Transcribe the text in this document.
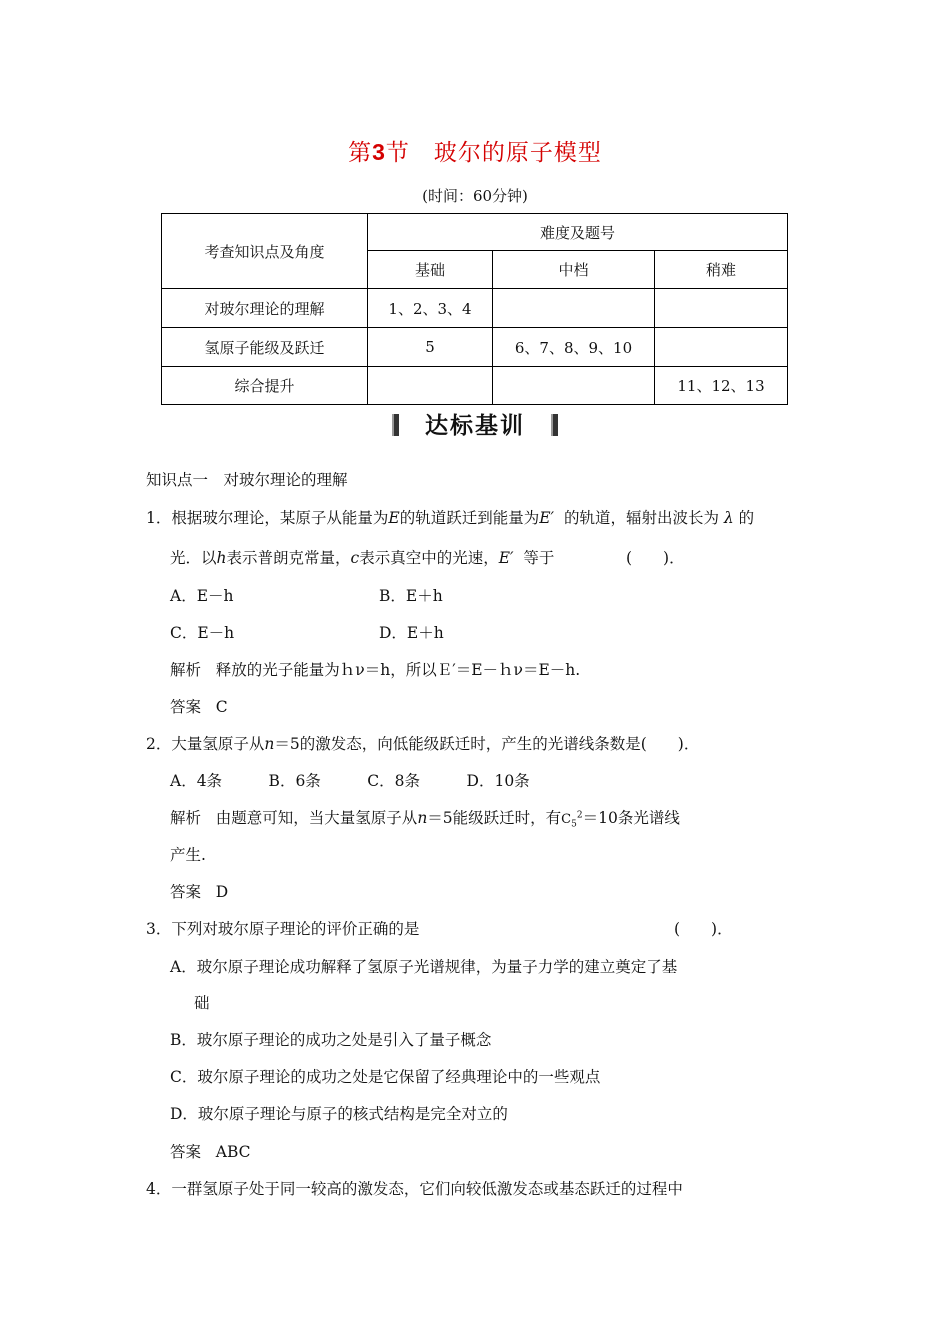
第3节　玻尔的原子模型
(时间：60分钟)
考查知识点及角度	难度及题号		
	基础	中档	稍难
对玻尔理论的理解	1、2、3、4		
氢原子能级及跃迁	5	6、7、8、9、10	
综合提升			11、12、13
达标基训
知识点一　对玻尔理论的理解
1．根据玻尔理论，某原子从能量为E的轨道跃迁到能量为E′ 的轨道，辐射出波长为 λ 的
光．以h表示普朗克常量，c表示真空中的光速，E′ 等于	(　　)．
A．E－h	B．E＋h
C．E－h	D．E＋h
解析 释放的光子能量为ｈν＝h，所以Ｅ′＝E－ｈν＝E－h.
答案 C
2．大量氢原子从n＝5的激发态，向低能级跃迁时，产生的光谱线条数是(　　)．
A．4条　　　B．6条　　　C．8条　　　D．10条
解析 由题意可知，当大量氢原子从n＝5能级跃迁时，有$C_5^2=10$条光谱线
产生.
答案 D
3．下列对玻尔原子理论的评价正确的是	(　　)．
A．玻尔原子理论成功解释了氢原子光谱规律，为量子力学的建立奠定了基
础
B．玻尔原子理论的成功之处是引入了量子概念
C．玻尔原子理论的成功之处是它保留了经典理论中的一些观点
D．玻尔原子理论与原子的核式结构是完全对立的
答案 ABC
4．一群氢原子处于同一较高的激发态，它们向较低激发态或基态跃迁的过程中
